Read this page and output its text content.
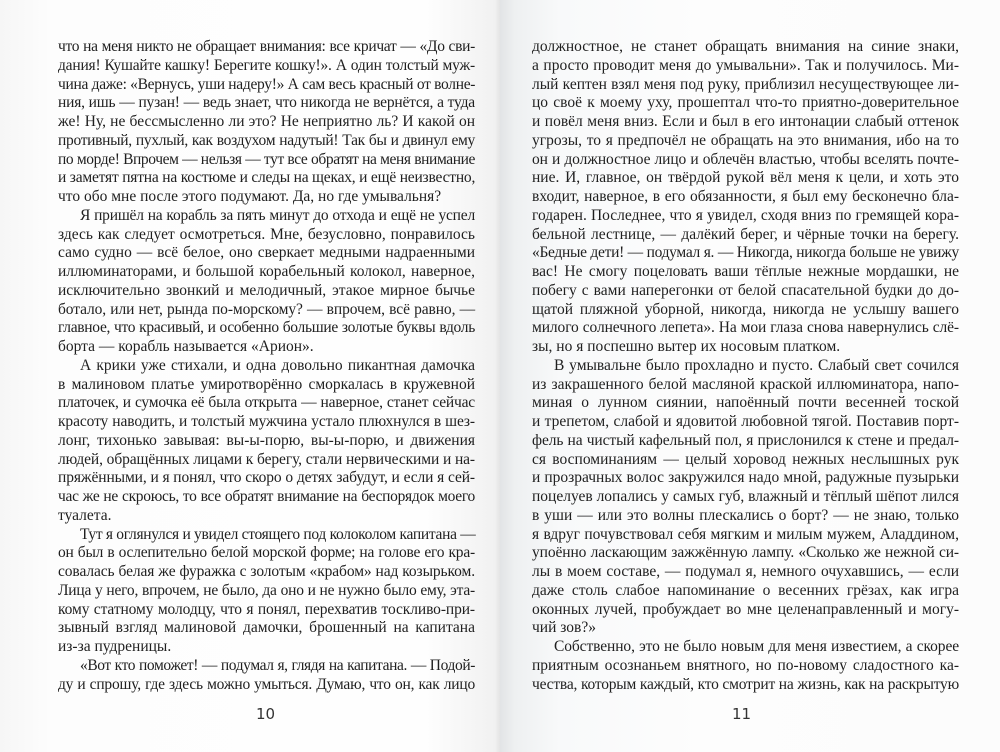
что на меня никто не обращает внимания: все кричат — «До сви-
дания! Кушайте кашку! Берегите кошку!». А один толстый муж-
чина даже: «Вернусь, уши надеру!» А сам весь красный от волне-
ния, ишь — пузан! — ведь знает, что никогда не вернётся, а туда
же! Ну, не бессмысленно ли это? Не неприятно ль? И какой он
противный, пухлый, как воздухом надутый! Так бы и двинул ему
по морде! Впрочем — нельзя — тут все обратят на меня внимание
и заметят пятна на костюме и следы на щеках, и ещё неизвестно,
что обо мне после этого подумают. Да, но где умывальня?
Я пришёл на корабль за пять минут до отхода и ещё не успел
здесь как следует осмотреться. Мне, безусловно, понравилось
само судно — всё белое, оно сверкает медными надраенными
иллюминаторами, и большой корабельный колокол, наверное,
исключительно звонкий и мелодичный, этакое мирное бычье
ботало, или нет, рында по-морскому? — впрочем, всё равно, —
главное, что красивый, и особенно большие золотые буквы вдоль
борта — корабль называется «Арион».
А крики уже стихали, и одна довольно пикантная дамочка
в малиновом платье умиротворённо сморкалась в кружевной
платочек, и сумочка её была открыта — наверное, станет сейчас
красоту наводить, и толстый мужчина устало плюхнулся в шез-
лонг, тихонько завывая: вы-ы-порю, вы-ы-порю, и движения
людей, обращённых лицами к берегу, стали нервическими и на-
пряжёнными, и я понял, что скоро о детях забудут, и если я сей-
час же не скроюсь, то все обратят внимание на беспорядок моего
туалета.
Тут я оглянулся и увидел стоящего под колоколом капитана —
он был в ослепительно белой морской форме; на голове его кра-
совалась белая же фуражка с золотым «крабом» над козырьком.
Лица у него, впрочем, не было, да оно и не нужно было ему, эта-
кому статному молодцу, что я понял, перехватив тоскливо-при-
зывный взгляд малиновой дамочки, брошенный на капитана
из-за пудреницы.
«Вот кто поможет! — подумал я, глядя на капитана. — Подой-
ду и спрошу, где здесь можно умыться. Думаю, что он, как лицо
10
должностное, не станет обращать внимания на синие знаки,
а просто проводит меня до умывальни». Так и получилось. Ми-
лый кептен взял меня под руку, приблизил несуществующее ли-
цо своё к моему уху, прошептал что-то приятно-доверительное
и повёл меня вниз. Если и был в его интонации слабый оттенок
угрозы, то я предпочёл не обращать на это внимания, ибо на то
он и должностное лицо и облечён властью, чтобы вселять почте-
ние. И, главное, он твёрдой рукой вёл меня к цели, и хоть это
входит, наверное, в его обязанности, я был ему бесконечно бла-
годарен. Последнее, что я увидел, сходя вниз по гремящей кора-
бельной лестнице, — далёкий берег, и чёрные точки на берегу.
«Бедные дети! — подумал я. — Никогда, никогда больше не увижу
вас! Не смогу поцеловать ваши тёплые нежные мордашки, не
побегу с вами наперегонки от белой спасательной будки до до-
щатой пляжной уборной, никогда, никогда не услышу вашего
милого солнечного лепета». На мои глаза снова навернулись слё-
зы, но я поспешно вытер их носовым платком.
В умывальне было прохладно и пусто. Слабый свет сочился
из закрашенного белой масляной краской иллюминатора, напо-
миная о лунном сиянии, напоённый почти весенней тоской
и трепетом, слабой и ядовитой любовной тягой. Поставив порт-
фель на чистый кафельный пол, я прислонился к стене и предал-
ся воспоминаниям — целый хоровод нежных неслышных рук
и прозрачных волос закружился надо мной, радужные пузырьки
поцелуев лопались у самых губ, влажный и тёплый шёпот лился
в уши — или это волны плескались о борт? — не знаю, только
я вдруг почувствовал себя мягким и милым мужем, Аладдином,
упоённо ласкающим зажжённую лампу. «Сколько же нежной си-
лы в моем составе, — подумал я, немного очухавшись, — если
даже столь слабое напоминание о весенних грёзах, как игра
оконных лучей, пробуждает во мне целенаправленный и могу-
чий зов?»
Собственно, это не было новым для меня известием, а скорее
приятным осознаньем внятного, но по-новому сладостного ка-
чества, которым каждый, кто смотрит на жизнь, как на раскрытую
11
